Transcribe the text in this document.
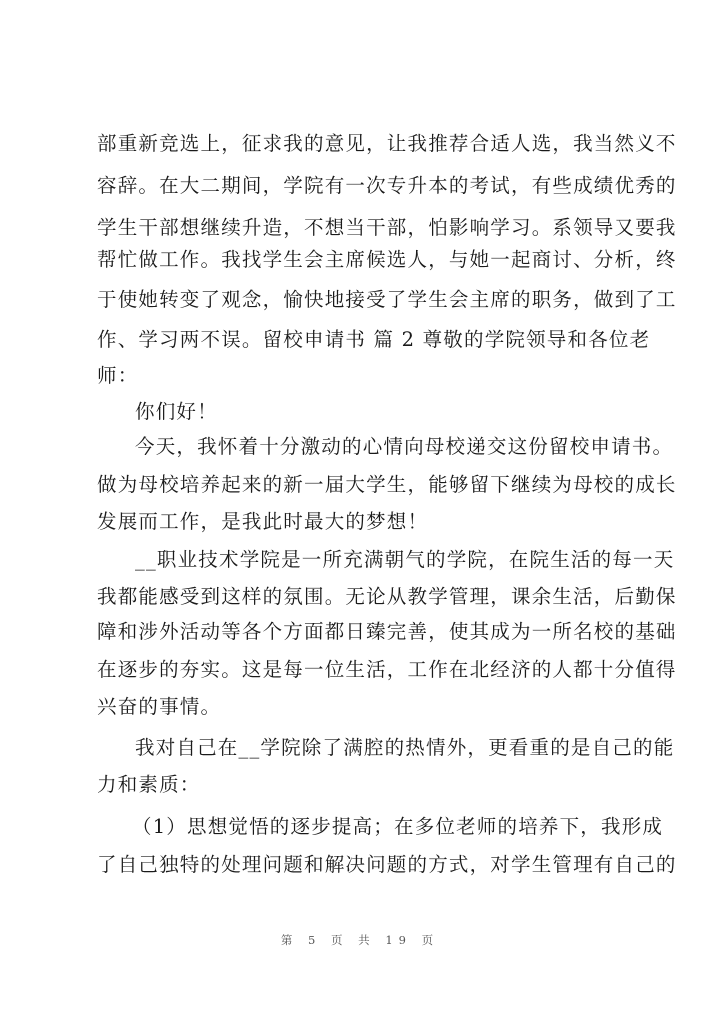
部重新竞选上，征求我的意见，让我推荐合适人选，我当然义不
容辞。在大二期间，学院有一次专升本的考试，有些成绩优秀的
学生干部想继续升造，不想当干部，怕影响学习。系领导又要我
帮忙做工作。我找学生会主席候选人，与她一起商讨、分析，终
于使她转变了观念，愉快地接受了学生会主席的职务，做到了工
作、学习两不误。留校申请书 篇 2 尊敬的学院领导和各位老
师：
你们好！
今天，我怀着十分激动的心情向母校递交这份留校申请书。
做为母校培养起来的新一届大学生，能够留下继续为母校的成长
发展而工作，是我此时最大的梦想！
__职业技术学院是一所充满朝气的学院，在院生活的每一天
我都能感受到这样的氛围。无论从教学管理，课余生活，后勤保
障和涉外活动等各个方面都日臻完善，使其成为一所名校的基础
在逐步的夯实。这是每一位生活，工作在北经济的人都十分值得
兴奋的事情。
我对自己在__学院除了满腔的热情外，更看重的是自己的能
力和素质：
（1）思想觉悟的逐步提高；在多位老师的培养下，我形成
了自己独特的处理问题和解决问题的方式，对学生管理有自己的
第 5 页 共 19 页
